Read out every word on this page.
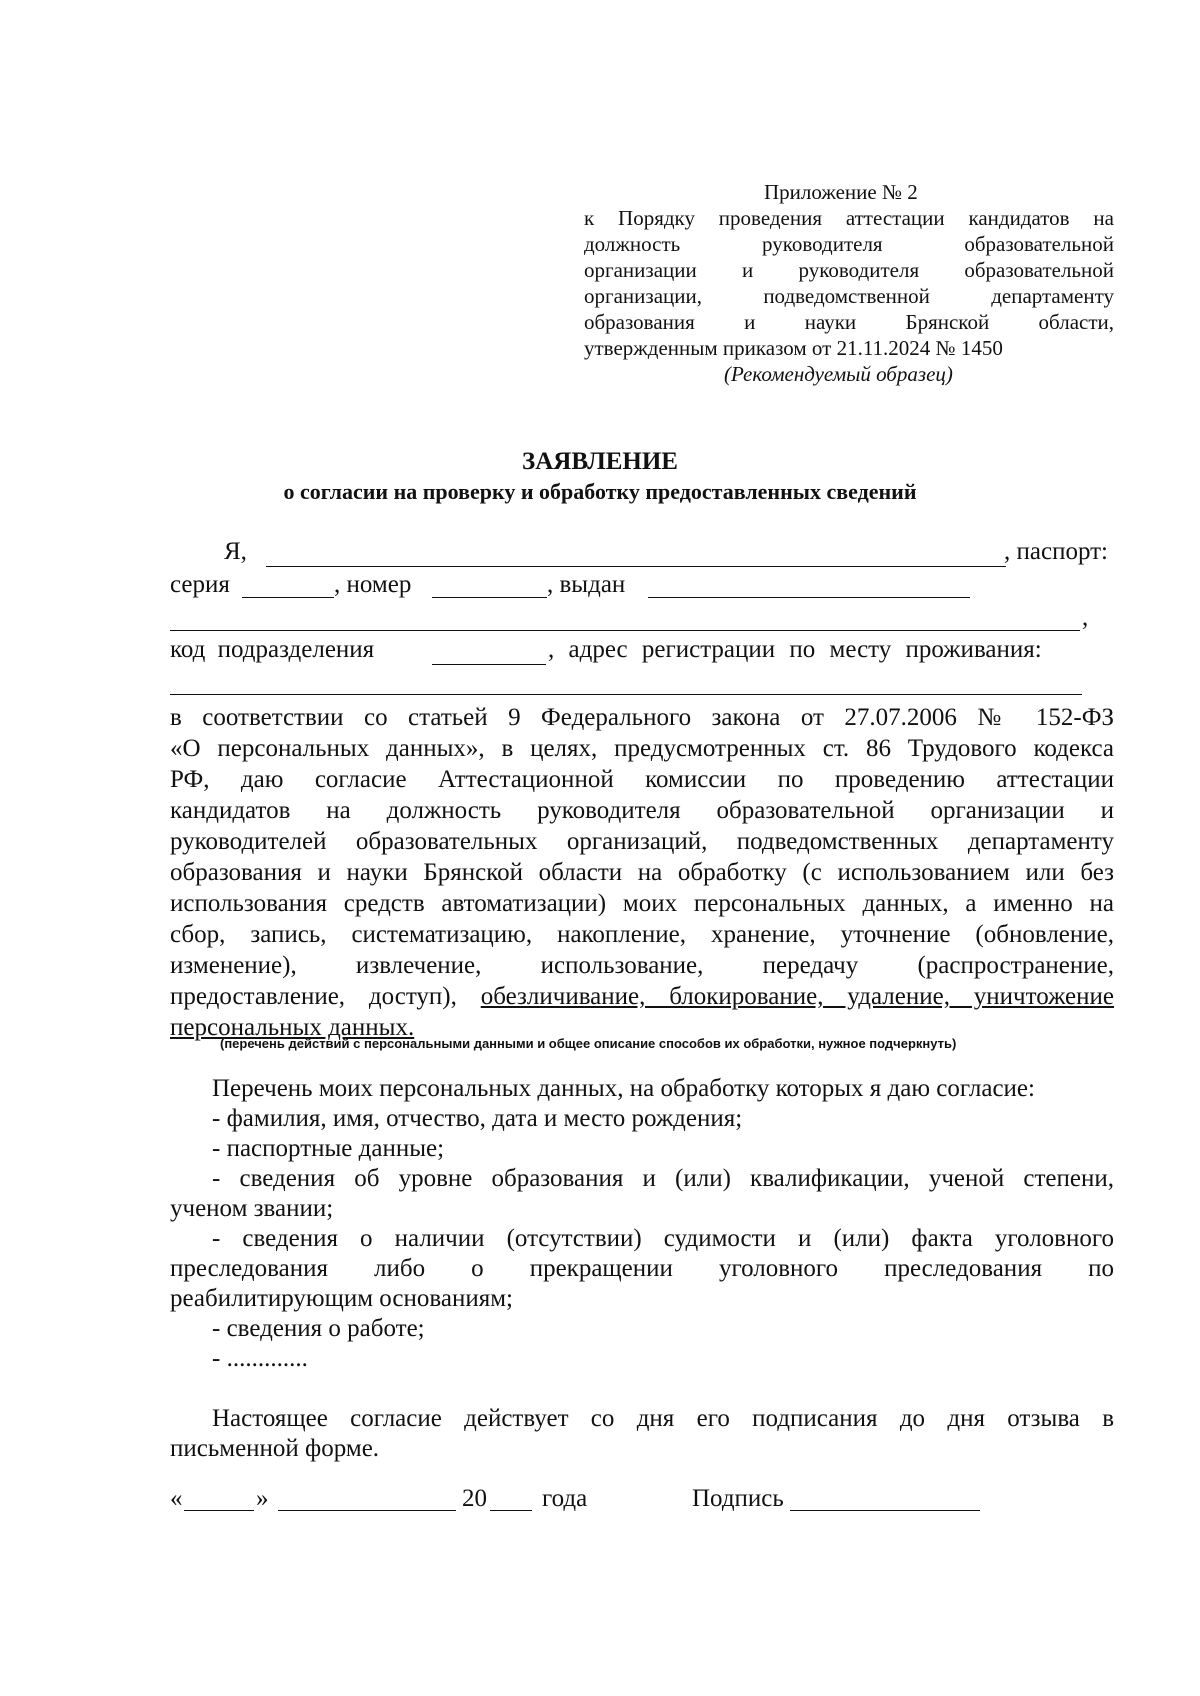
Приложение № 2
к Порядку проведения аттестации кандидатов на
должность руководителя образовательной
организации и руководителя образовательной
организации, подведомственной департаменту
образования и науки Брянской области,
утвержденным приказом от 21.11.2024 № 1450
(Рекомендуемый образец)
ЗАЯВЛЕНИЕ
о согласии на проверку и обработку предоставленных сведений
Я,	, паспорт:
серия	, номер	, выдан
,
код подразделения	, адрес регистрации по месту проживания:
в соответствии со статьей 9 Федерального закона от 27.07.2006 № 152-ФЗ
«О персональных данных», в целях, предусмотренных ст. 86 Трудового кодекса
РФ, даю согласие Аттестационной комиссии по проведению аттестации
кандидатов на должность руководителя образовательной организации и
руководителей образовательных организаций, подведомственных департаменту
образования и науки Брянской области на обработку (с использованием или без
использования средств автоматизации) моих персональных данных, а именно на
сбор, запись, систематизацию, накопление, хранение, уточнение (обновление,
изменение), извлечение, использование, передачу (распространение,
предоставление, доступ), обезличивание, блокирование, удаление, уничтожение
персональных данных.
(перечень действий с персональными данными и общее описание способов их обработки, нужное подчеркнуть)
Перечень моих персональных данных, на обработку которых я даю согласие:
- фамилия, имя, отчество, дата и место рождения;
- паспортные данные;
- сведения об уровне образования и (или) квалификации, ученой степени,
ученом звании;
- сведения о наличии (отсутствии) судимости и (или) факта уголовного
преследования либо о прекращении уголовного преследования по
реабилитирующим основаниям;
- сведения о работе;
- .............
Настоящее согласие действует со дня его подписания до дня отзыва в
письменной форме.
«	»	20 года	Подпись
